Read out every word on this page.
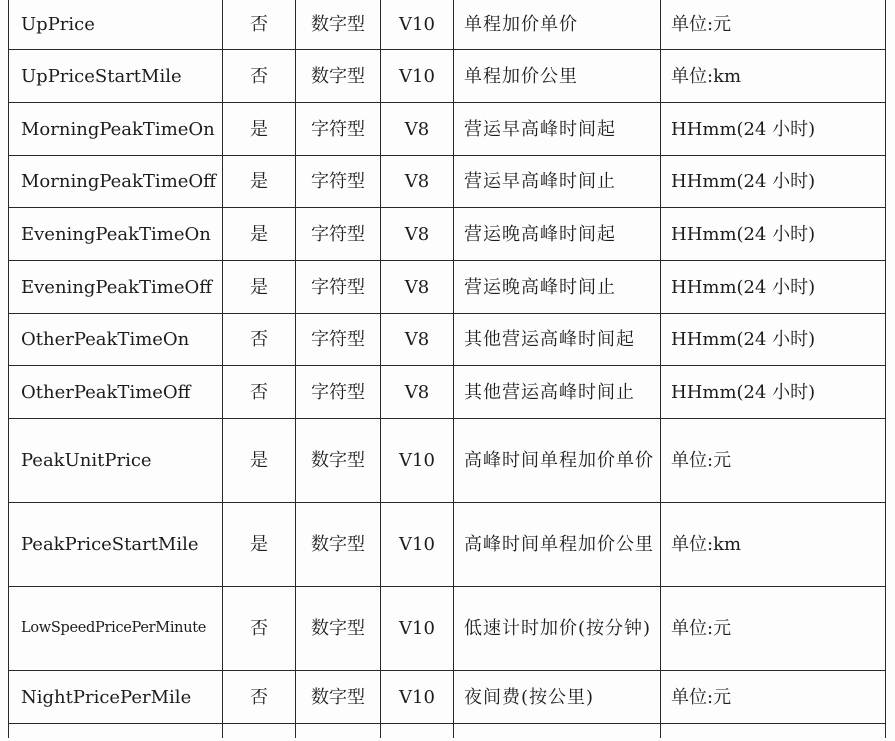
UpPrice	否	数字型	V10	单程加价单价	单位:元
UpPriceStartMile	否	数字型	V10	单程加价公里	单位:km
MorningPeakTimeOn	是	字符型	V8	营运早高峰时间起	HHmm(24 小时)
MorningPeakTimeOff	是	字符型	V8	营运早高峰时间止	HHmm(24 小时)
EveningPeakTimeOn	是	字符型	V8	营运晚高峰时间起	HHmm(24 小时)
EveningPeakTimeOff	是	字符型	V8	营运晚高峰时间止	HHmm(24 小时)
OtherPeakTimeOn	否	字符型	V8	其他营运高峰时间起	HHmm(24 小时)
OtherPeakTimeOff	否	字符型	V8	其他营运高峰时间止	HHmm(24 小时)
PeakUnitPrice	是	数字型	V10	高峰时间单程加价单价	单位:元
PeakPriceStartMile	是	数字型	V10	高峰时间单程加价公里	单位:km
LowSpeedPricePerMinute	否	数字型	V10	低速计时加价(按分钟)	单位:元
NightPricePerMile	否	数字型	V10	夜间费(按公里)	单位:元
